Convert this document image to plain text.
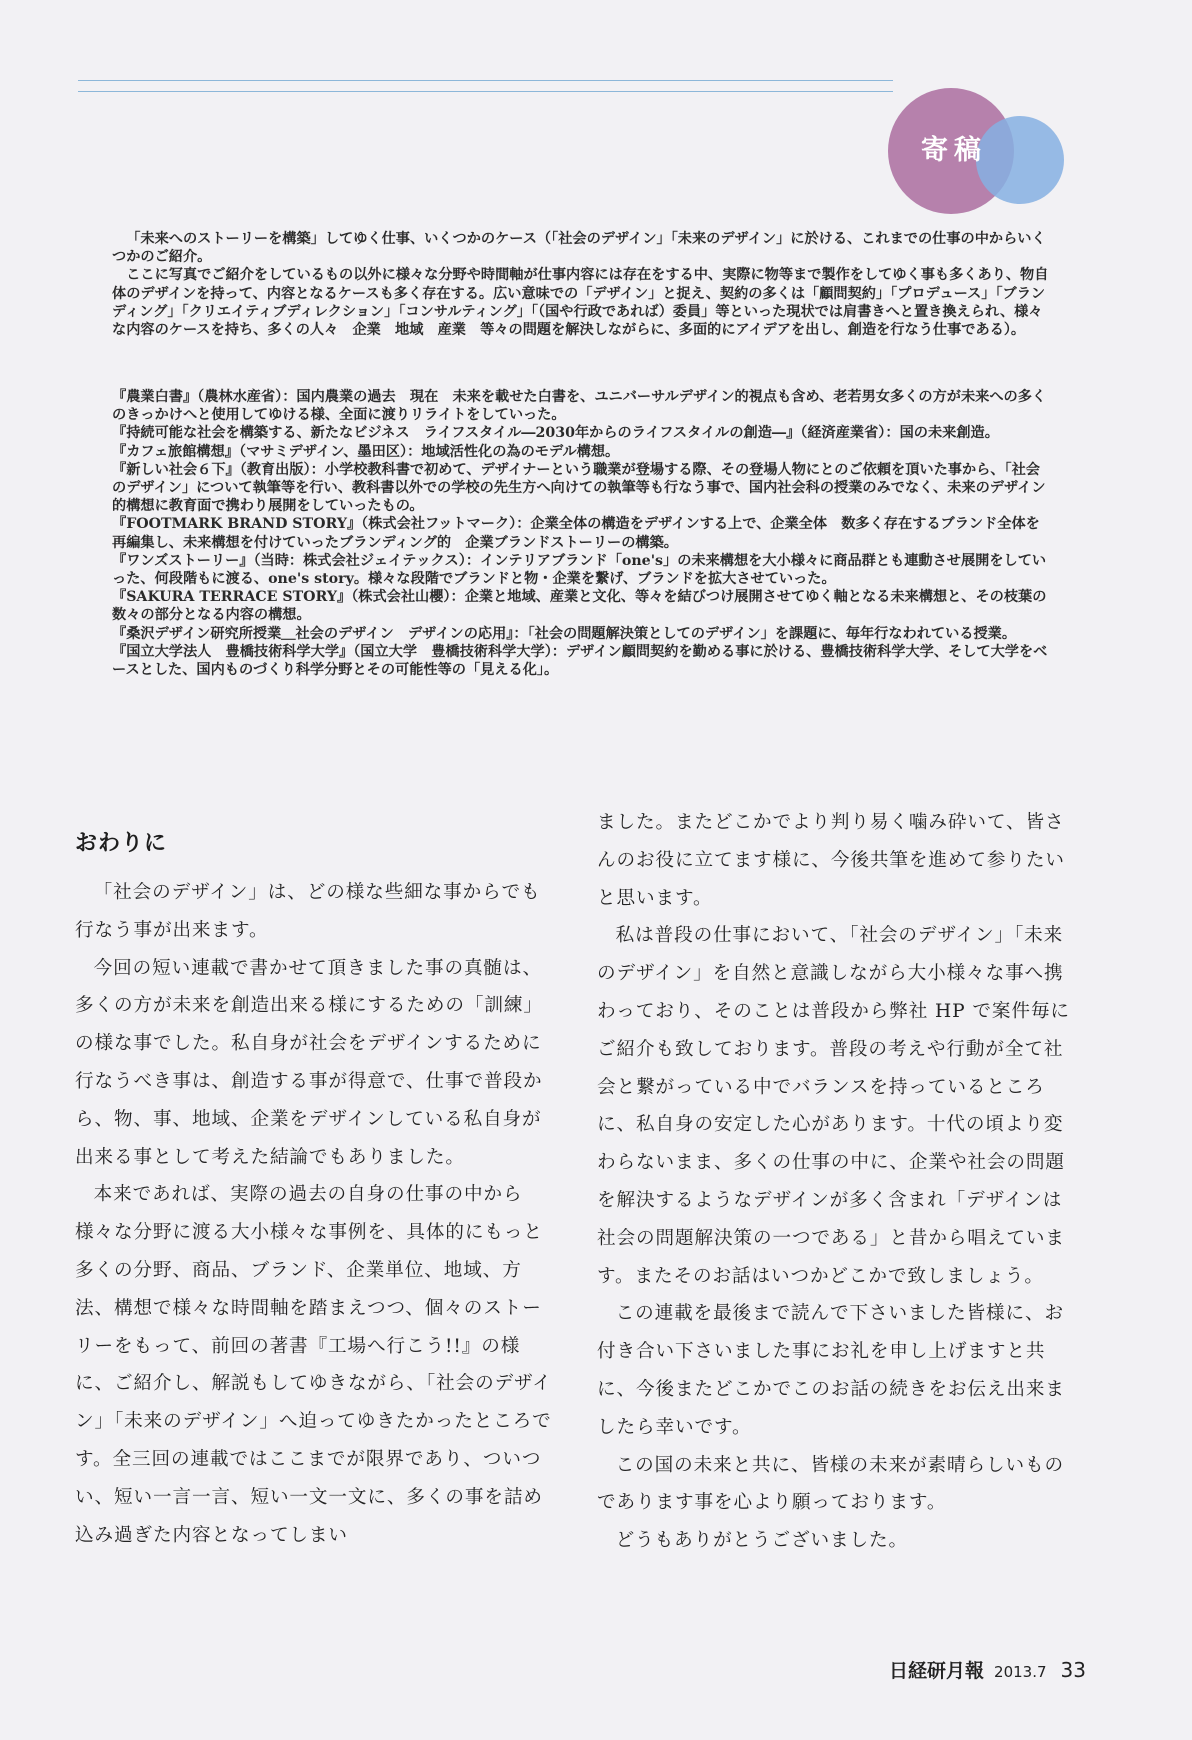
寄稿

「未来へのストーリーを構築」してゆく仕事、いくつかのケース（「社会のデザイン」「未来のデザイン」に於ける、これまでの仕事の中からいくつかのご紹介。

ここに写真でご紹介をしているもの以外に様々な分野や時間軸が仕事内容には存在をする中、実際に物等まで製作をしてゆく事も多くあり、物自体のデザインを持って、内容となるケースも多く存在する。広い意味での「デザイン」と捉え、契約の多くは「顧問契約」「プロデュース」「ブランディング」「クリエイティブディレクション」「コンサルティング」「（国や行政であれば）委員」等といった現状では肩書きへと置き換えられ、様々な内容のケースを持ち、多くの人々　企業　地域　産業　等々の問題を解決しながらに、多面的にアイデアを出し、創造を行なう仕事である）。

『農業白書』（農林水産省）：国内農業の過去　現在　未来を載せた白書を、ユニバーサルデザイン的視点も含め、老若男女多くの方が未来への多くのきっかけへと使用してゆける様、全面に渡りリライトをしていった。

『持続可能な社会を構築する、新たなビジネス　ライフスタイル―2030年からのライフスタイルの創造―』（経済産業省）：国の未来創造。

『カフェ旅館構想』（マサミデザイン、墨田区）：地域活性化の為のモデル構想。

『新しい社会６下』（教育出版）：小学校教科書で初めて、デザイナーという職業が登場する際、その登場人物にとのご依頼を頂いた事から、「社会のデザイン」について執筆等を行い、教科書以外での学校の先生方へ向けての執筆等も行なう事で、国内社会科の授業のみでなく、未来のデザイン的構想に教育面で携わり展開をしていったもの。

『FOOTMARK BRAND STORY』（株式会社フットマーク）：企業全体の構造をデザインする上で、企業全体　数多く存在するブランド全体を再編集し、未来構想を付けていったブランディング的　企業ブランドストーリーの構築。

『ワンズストーリー』（当時：株式会社ジェイテックス）：インテリアブランド「one's」の未来構想を大小様々に商品群とも連動させ展開をしていった、何段階もに渡る、one's story。様々な段階でブランドと物・企業を繋げ、ブランドを拡大させていった。

『SAKURA TERRACE STORY』（株式会社山櫻）：企業と地域、産業と文化、等々を結びつけ展開させてゆく軸となる未来構想と、その枝葉の数々の部分となる内容の構想。

『桑沢デザイン研究所授業＿社会のデザイン　デザインの応用』：「社会の問題解決策としてのデザイン」を課題に、毎年行なわれている授業。

『国立大学法人　豊橋技術科学大学』（国立大学　豊橋技術科学大学）：デザイン顧問契約を勤める事に於ける、豊橋技術科学大学、そして大学をベースとした、国内ものづくり科学分野とその可能性等の「見える化」。

おわりに

「社会のデザイン」は、どの様な些細な事からでも行なう事が出来ます。

今回の短い連載で書かせて頂きました事の真髄は、多くの方が未来を創造出来る様にするための「訓練」の様な事でした。私自身が社会をデザインするために行なうべき事は、創造する事が得意で、仕事で普段から、物、事、地域、企業をデザインしている私自身が出来る事として考えた結論でもありました。

本来であれば、実際の過去の自身の仕事の中から様々な分野に渡る大小様々な事例を、具体的にもっと多くの分野、商品、ブランド、企業単位、地域、方法、構想で様々な時間軸を踏まえつつ、個々のストーリーをもって、前回の著書『工場へ行こう!!』の様に、ご紹介し、解説もしてゆきながら、「社会のデザイン」「未来のデザイン」へ迫ってゆきたかったところです。全三回の連載ではここまでが限界であり、ついつい、短い一言一言、短い一文一文に、多くの事を詰め込み過ぎた内容となってしまい

ました。またどこかでより判り易く噛み砕いて、皆さんのお役に立てます様に、今後共筆を進めて参りたいと思います。

私は普段の仕事において、「社会のデザイン」「未来のデザイン」を自然と意識しながら大小様々な事へ携わっており、そのことは普段から弊社 HP で案件毎にご紹介も致しております。普段の考えや行動が全て社会と繋がっている中でバランスを持っているところに、私自身の安定した心があります。十代の頃より変わらないまま、多くの仕事の中に、企業や社会の問題を解決するようなデザインが多く含まれ「デザインは社会の問題解決策の一つである」と昔から唱えています。またそのお話はいつかどこかで致しましょう。

この連載を最後まで読んで下さいました皆様に、お付き合い下さいました事にお礼を申し上げますと共に、今後またどこかでこのお話の続きをお伝え出来ましたら幸いです。

この国の未来と共に、皆様の未来が素晴らしいものであります事を心より願っております。

どうもありがとうございました。

日経研月報 2013.7 33
